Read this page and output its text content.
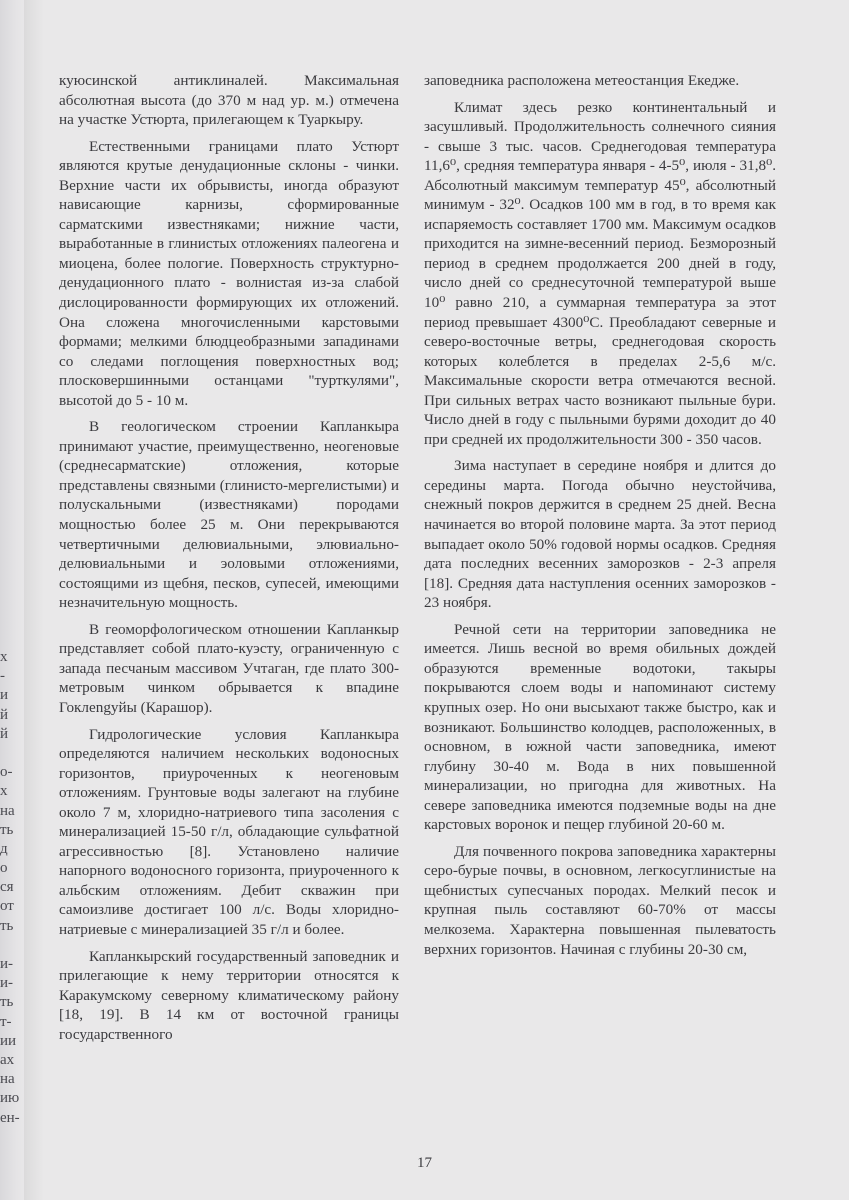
х
-
и
й
й
о-
х
на
ть
д
о
ся
от
ть
и-
и-
ть
т-
ии
ах
на
ию
ен-

куюсинской антиклиналей. Максимальная абсолютная высота (до 370 м над ур. м.) отмечена на участке Устюрта, прилегающем к Туаркыру.

Естественными границами плато Устюрт являются крутые денудационные склоны - чинки. Верхние части их обрывисты, иногда образуют нависающие карнизы, сформированные сарматскими известняками; нижние части, выработанные в глинистых отложениях палеогена и миоцена, более пологие. Поверхность структурно-денудационного плато - волнистая из-за слабой дислоцированности формирующих их отложений. Она сложена многочисленными карстовыми формами; мелкими блюдцеобразными западинами со следами поглощения поверхностных вод; плосковершинными останцами "турткулями", высотой до 5 - 10 м.

В геологическом строении Капланкыра принимают участие, преимущественно, неогеновые (среднесарматские) отложения, которые представлены связными (глинисто-мергелистыми) и полускальными (известняками) породами мощностью более 25 м. Они перекрываются четвертичными делювиальными, элювиально-делювиальными и эоловыми отложениями, состоящими из щебня, песков, супесей, имеющими незначительную мощность.

В геоморфологическом отношении Капланкыр представляет собой плато-куэсту, ограниченную с запада песчаным массивом Учтаган, где плато 300-метровым чинком обрывается к впадине Гоклengуйы (Карашор).

Гидрологические условия Капланкыра определяются наличием нескольких водоносных горизонтов, приуроченных к неогеновым отложениям. Грунтовые воды залегают на глубине около 7 м, хлоридно-натриевого типа засоления с минерализацией 15-50 г/л, обладающие сульфатной агрессивностью [8]. Установлено наличие напорного водоносного горизонта, приуроченного к альбским отложениям. Дебит скважин при самоизливе достигает 100 л/с. Воды хлоридно-натриевые с минерализацией 35 г/л и более.

Капланкырский государственный заповедник и прилегающие к нему территории относятся к Каракумскому северному климатическому району [18, 19]. В 14 км от восточной границы государственного

заповедника расположена метеостанция Екедже.

Климат здесь резко континентальный и засушливый. Продолжительность солнечного сияния - свыше 3 тыс. часов. Среднегодовая температура 11,6⁰, средняя температура января - 4-5⁰, июля - 31,8⁰. Абсолютный максимум температур 45⁰, абсолютный минимум - 32⁰. Осадков 100 мм в год, в то время как испаряемость составляет 1700 мм. Максимум осадков приходится на зимне-весенний период. Безморозный период в среднем продолжается 200 дней в году, число дней со среднесуточной температурой выше 10⁰ равно 210, а суммарная температура за этот период превышает 4300⁰С. Преобладают северные и северо-восточные ветры, среднегодовая скорость которых колеблется в пределах 2-5,6 м/с. Максимальные скорости ветра отмечаются весной. При сильных ветрах часто возникают пыльные бури. Число дней в году с пыльными бурями доходит до 40 при средней их продолжительности 300 - 350 часов.

Зима наступает в середине ноября и длится до середины марта. Погода обычно неустойчива, снежный покров держится в среднем 25 дней. Весна начинается во второй половине марта. За этот период выпадает около 50% годовой нормы осадков. Средняя дата последних весенних заморозков - 2-3 апреля [18]. Средняя дата наступления осенних заморозков - 23 ноября.

Речной сети на территории заповедника не имеется. Лишь весной во время обильных дождей образуются временные водотоки, такыры покрываются слоем воды и напоминают систему крупных озер. Но они высыхают также быстро, как и возникают. Большинство колодцев, расположенных, в основном, в южной части заповедника, имеют глубину 30-40 м. Вода в них повышенной минерализации, но пригодна для животных. На севере заповедника имеются подземные воды на дне карстовых воронок и пещер глубиной 20-60 м.

Для почвенного покрова заповедника характерны серо-бурые почвы, в основном, легкосуглинистые на щебнистых супесчаных породах. Мелкий песок и крупная пыль составляют 60-70% от массы мелкозема. Характерна повышенная пылеватость верхних горизонтов. Начиная с глубины 20-30 см,

17
